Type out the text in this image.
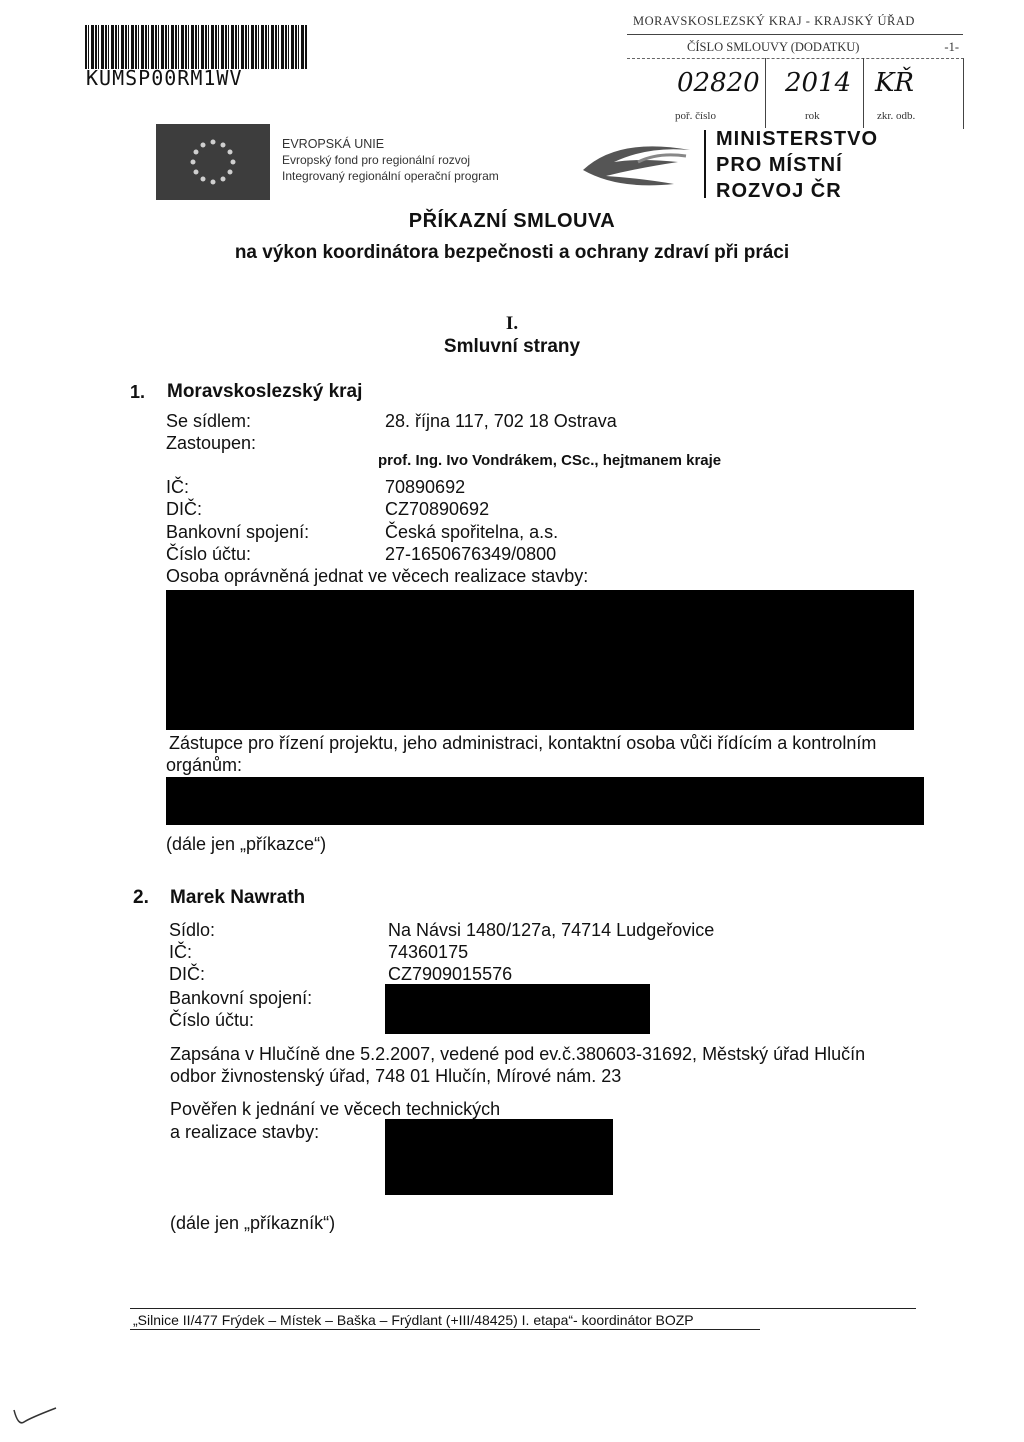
KUMSP00RM1WV
MORAVSKOSLEZSKÝ KRAJ - KRAJSKÝ ÚŘAD
ČÍSLO SMLOUVY (DODATKU)	-1-
02820 2014 KŘ
poř. číslo	rok	zkr. odb.
EVROPSKÁ UNIE
Evropský fond pro regionální rozvoj
Integrovaný regionální operační program
MINISTERSTVO
PRO MÍSTNÍ
ROZVOJ ČR
PŘÍKAZNÍ SMLOUVA
na výkon koordinátora bezpečnosti a ochrany zdraví při práci
I.
Smluvní strany
1. Moravskoslezský kraj
Se sídlem:	28. října 117, 702 18 Ostrava
Zastoupen:
prof. Ing. Ivo Vondrákem, CSc., hejtmanem kraje
IČ:	70890692
DIČ:	CZ70890692
Bankovní spojení:	Česká spořitelna, a.s.
Číslo účtu:	27-1650676349/0800
Osoba oprávněná jednat ve věcech realizace stavby:
Zástupce pro řízení projektu, jeho administraci, kontaktní osoba vůči řídícím a kontrolním
orgánům:
(dále jen „příkazce“)
2. Marek Nawrath
Sídlo:	Na Návsi 1480/127a, 74714 Ludgeřovice
IČ:	74360175
DIČ:	CZ7909015576
Bankovní spojení:
Číslo účtu:
Zapsána v Hlučíně dne 5.2.2007, vedené pod ev.č.380603-31692, Městský úřad Hlučín
odbor živnostenský úřad, 748 01 Hlučín, Mírové nám. 23
Pověřen k jednání ve věcech technických
a realizace stavby:
(dále jen „příkazník“)
„Silnice II/477 Frýdek – Místek – Baška – Frýdlant (+III/48425) I. etapa“- koordinátor BOZP
